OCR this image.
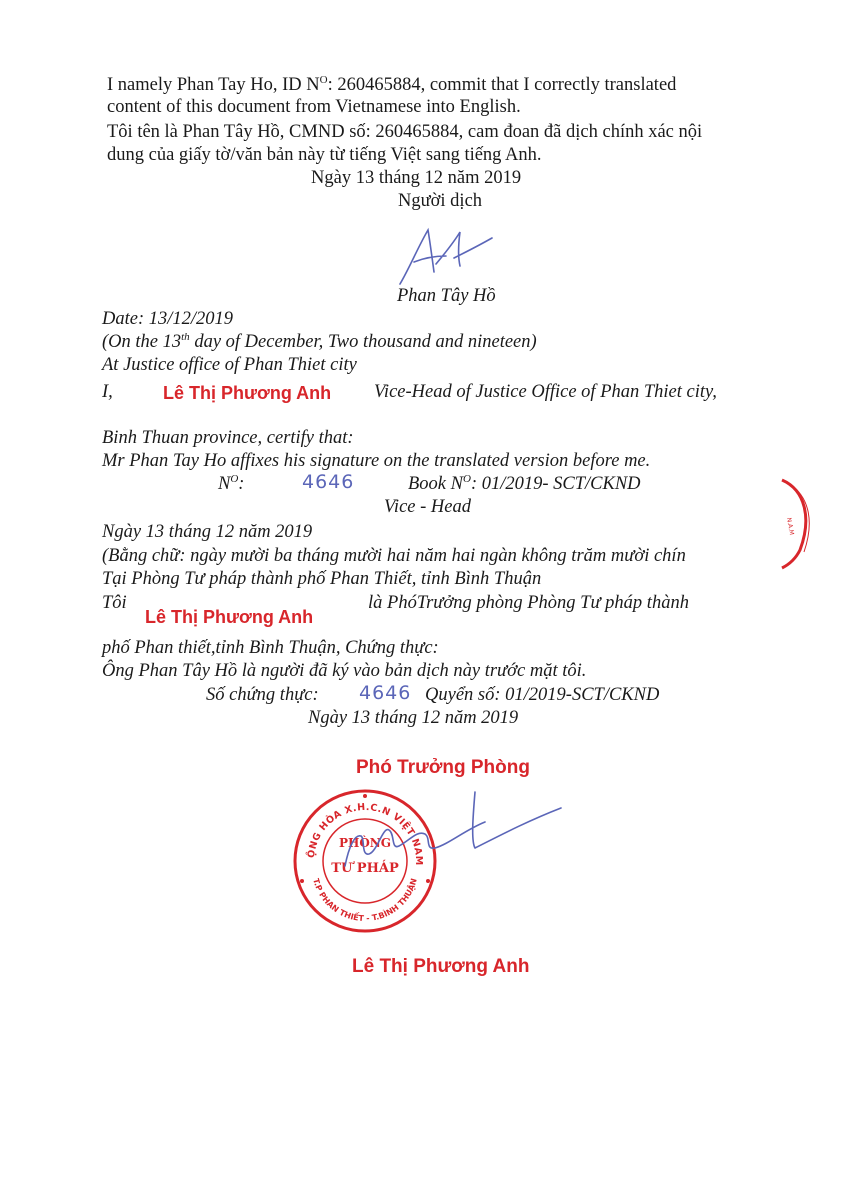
I namely Phan Tay Ho, ID $N^O$: 260465884, commit that I correctly translated
content of this document from Vietnamese into English.
Tôi tên là Phan Tây Hồ, CMND số: 260465884, cam đoan đã dịch chính xác nội
dung của giấy tờ/văn bản này từ tiếng Việt sang tiếng Anh.
Ngày 13 tháng 12 năm 2019
Người dịch
Phan Tây Hồ
Date: 13/12/2019
(On the 13th day of December, Two thousand and nineteen)
At Justice office of Phan Thiet city
I,	Lê Thị Phương Anh Vice-Head of Justice Office of Phan Thiet city,
Binh Thuan province, certify that:
Mr Phan Tay Ho affixes his signature on the translated version before me.
$N^O$:	4646	Book $N^O$: 01/2019- SCT/CKND
Vice - Head
N.A.M
Ngày 13 tháng 12 năm 2019
(Bằng chữ: ngày mười ba tháng mười hai năm hai ngàn không trăm mười chín
Tại Phòng Tư pháp thành phố Phan Thiết, tỉnh Bình Thuận
Tôi
Lê Thị Phương Anh
là PhóTrưởng phòng Phòng Tư pháp thành
phố Phan thiết,tỉnh Bình Thuận, Chứng thực:
Ông Phan Tây Hồ là người đã ký vào bản dịch này trước mặt tôi.
Số chứng thực: 4646 Quyển số: 01/2019-SCT/CKND
Ngày 13 tháng 12 năm 2019
Phó Trưởng Phòng
CỘNG HÒA X.H.C.N VIỆT NAM
T.P PHAN THIẾT - T.BÌNH THUẬN
PHÒNG
TƯ PHÁP
Lê Thị Phương Anh
